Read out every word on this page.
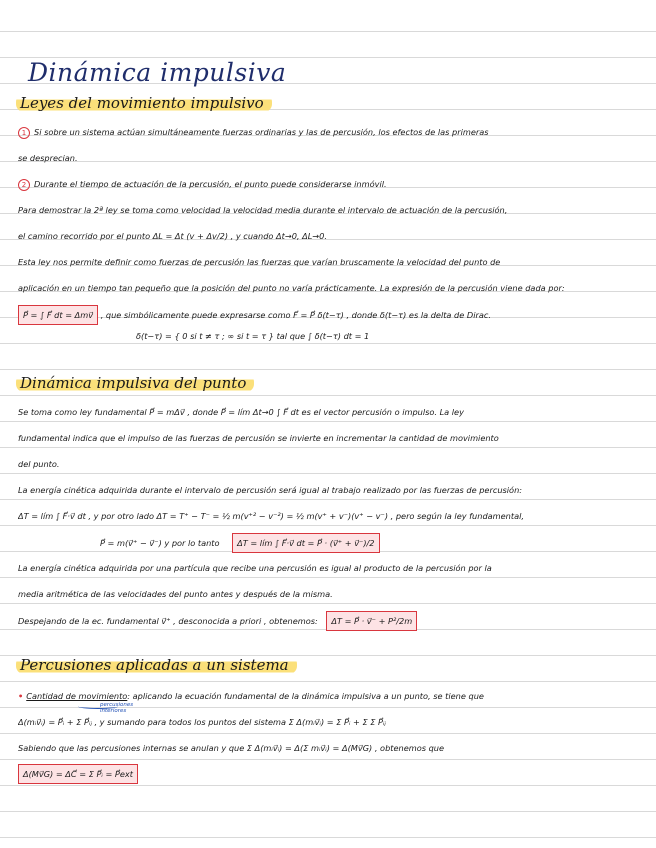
Dinámica impulsiva
Leyes del movimiento impulsivo
1 Si sobre un sistema actúan simultáneamente fuerzas ordinarias y las de percusión, los efectos de las primeras
se desprecian.
2 Durante el tiempo de actuación de la percusión, el punto puede considerarse inmóvil.
Para demostrar la 2ª ley se toma como velocidad la velocidad media durante el intervalo de actuación de la percusión,
el camino recorrido por el punto ΔL = Δt (v + Δv/2) , y cuando Δt→0, ΔL→0.
Esta ley nos permite definir como fuerzas de percusión las fuerzas que varían bruscamente la velocidad del punto de
aplicación en un tiempo tan pequeño que la posición del punto no varía prácticamente. La expresión de la percusión viene dada por:
P⃗ = ∫ F⃗ dt = Δmv⃗ , que simbólicamente puede expresarse como F⃗ = P⃗ δ(t−τ) , donde δ(t−τ) es la delta de Dirac.
δ(t−τ) = { 0 si t ≠ τ ; ∞ si t = τ } tal que ∫ δ(t−τ) dt = 1
Dinámica impulsiva del punto
Se toma como ley fundamental P⃗ = mΔv⃗ , donde P⃗ = lím Δt→0 ∫ F⃗ dt es el vector percusión o impulso. La ley
fundamental indica que el impulso de las fuerzas de percusión se invierte en incrementar la cantidad de movimiento
del punto.
La energía cinética adquirida durante el intervalo de percusión será igual al trabajo realizado por las fuerzas de percusión:
ΔT = lím ∫ F⃗·v⃗ dt , y por otro lado ΔT = T⁺ − T⁻ = ½ m(v⁺² − v⁻²) = ½ m(v⁺ + v⁻)(v⁺ − v⁻) , pero según la ley fundamental,
P⃗ = m(v⃗⁺ − v⃗⁻) y por lo tanto ΔT = lím ∫ F⃗·v⃗ dt = P⃗ · (v⃗⁺ + v⃗⁻)/2
La energía cinética adquirida por una partícula que recibe una percusión es igual al producto de la percusión por la
media aritmética de las velocidades del punto antes y después de la misma.
Despejando de la ec. fundamental v⃗⁺ , desconocida a priori , obtenemos: ΔT = P⃗ · v⃗⁻ + P²/2m
Percusiones aplicadas a un sistema
• Cantidad de movimiento: aplicando la ecuación fundamental de la dinámica impulsiva a un punto, se tiene que
percusiones interiores
Δ(mᵢv⃗ᵢ) = P⃗ᵢ + Σ P⃗ᵢⱼ , y sumando para todos los puntos del sistema Σ Δ(mᵢv⃗ᵢ) = Σ P⃗ᵢ + Σ Σ P⃗ᵢⱼ
Sabiendo que las percusiones internas se anulan y que Σ Δ(mᵢv⃗ᵢ) = Δ(Σ mᵢv⃗ᵢ) = Δ(Mv⃗G) , obtenemos que
Δ(Mv⃗G) = ΔC⃗ = Σ P⃗ᵢ = P⃗ext
